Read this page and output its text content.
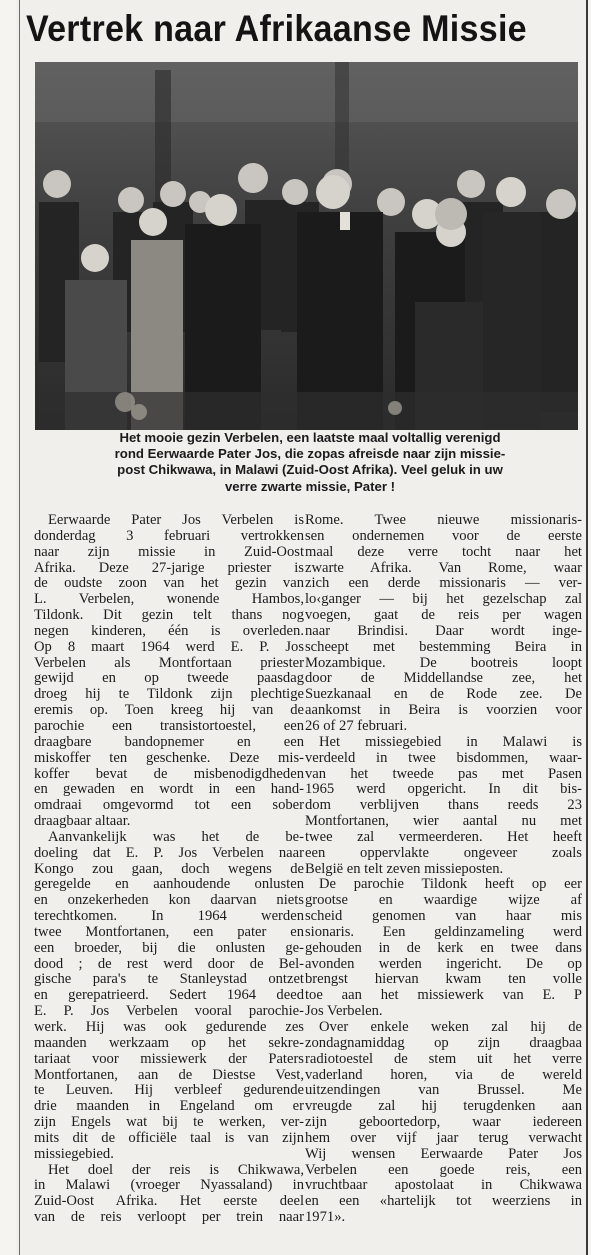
Vertrek naar Afrikaanse Missie
Het mooie gezin Verbelen, een laatste maal voltallig verenigd
rond Eerwaarde Pater Jos, die zopas afreisde naar zijn missie-
post Chikwawa, in Malawi (Zuid-Oost Afrika). Veel geluk in uw
verre zwarte missie, Pater !
Eerwaarde Pater Jos Verbelen is
donderdag 3 februari vertrokken
naar zijn missie in Zuid-Oost
Afrika. Deze 27-jarige priester is
de oudste zoon van het gezin van
L. Verbelen, wonende Hambos,
Tildonk. Dit gezin telt thans nog
negen kinderen, één is overleden.
Op 8 maart 1964 werd E. P. Jos
Verbelen als Montfortaan priester
gewijd en op tweede paasdag
droeg hij te Tildonk zijn plechtige
eremis op. Toen kreeg hij van de
parochie een transistortoestel, een
draagbare bandopnemer en een
miskoffer ten geschenke. Deze mis-
koffer bevat de misbenodigdheden
en gewaden en wordt in een hand-
omdraai omgevormd tot een sober
draagbaar altaar.
Aanvankelijk was het de be-
doeling dat E. P. Jos Verbelen naar
Kongo zou gaan, doch wegens de
geregelde en aanhoudende onlusten
en onzekerheden kon daarvan niets
terechtkomen. In 1964 werden
twee Montfortanen, een pater en
een broeder, bij die onlusten ge-
dood ; de rest werd door de Bel-
gische para's te Stanleystad ontzet
en gerepatrieerd. Sedert 1964 deed
E. P. Jos Verbelen vooral parochie-
werk. Hij was ook gedurende zes
maanden werkzaam op het sekre-
tariaat voor missiewerk der Paters
Montfortanen, aan de Diestse Vest,
te Leuven. Hij verbleef gedurende
drie maanden in Engeland om er
zijn Engels wat bij te werken, ver-
mits dit de officiële taal is van zijn
missiegebied.
Het doel der reis is Chikwawa,
in Malawi (vroeger Nyassaland) in
Zuid-Oost Afrika. Het eerste deel
van de reis verloopt per trein naar
Rome. Twee nieuwe missionaris-
sen ondernemen voor de eerste
maal deze verre tocht naar het
zwarte Afrika. Van Rome, waar
zich een derde missionaris — ver-
lo‹ganger — bij het gezelschap zal
voegen, gaat de reis per wagen
naar Brindisi. Daar wordt inge-
scheept met bestemming Beira in
Mozambique. De bootreis loopt
door de Middellandse zee, het
Suezkanaal en de Rode zee. De
aankomst in Beira is voorzien voor
26 of 27 februari.
Het missiegebied in Malawi is
verdeeld in twee bisdommen, waar-
van het tweede pas met Pasen
1965 werd opgericht. In dit bis-
dom verblijven thans reeds 23
Montfortanen, wier aantal nu met
twee zal vermeerderen. Het heeft
een oppervlakte ongeveer zoals
België en telt zeven missieposten.
De parochie Tildonk heeft op eer
grootse en waardige wijze af
scheid genomen van haar mis
sionaris. Een geldinzameling werd
gehouden in de kerk en twee dans
avonden werden ingericht. De op
brengst hiervan kwam ten volle
toe aan het missiewerk van E. P
Jos Verbelen.
Over enkele weken zal hij de
zondagnamiddag op zijn draagbaa
radiotoestel de stem uit het verre
vaderland horen, via de wereld
uitzendingen van Brussel. Me
vreugde zal hij terugdenken aan
zijn geboortedorp, waar iedereen
hem over vijf jaar terug verwacht
Wij wensen Eerwaarde Pater Jos
Verbelen een goede reis, een
vruchtbaar apostolaat in Chikwawa
en een «hartelijk tot weerziens in
1971».
